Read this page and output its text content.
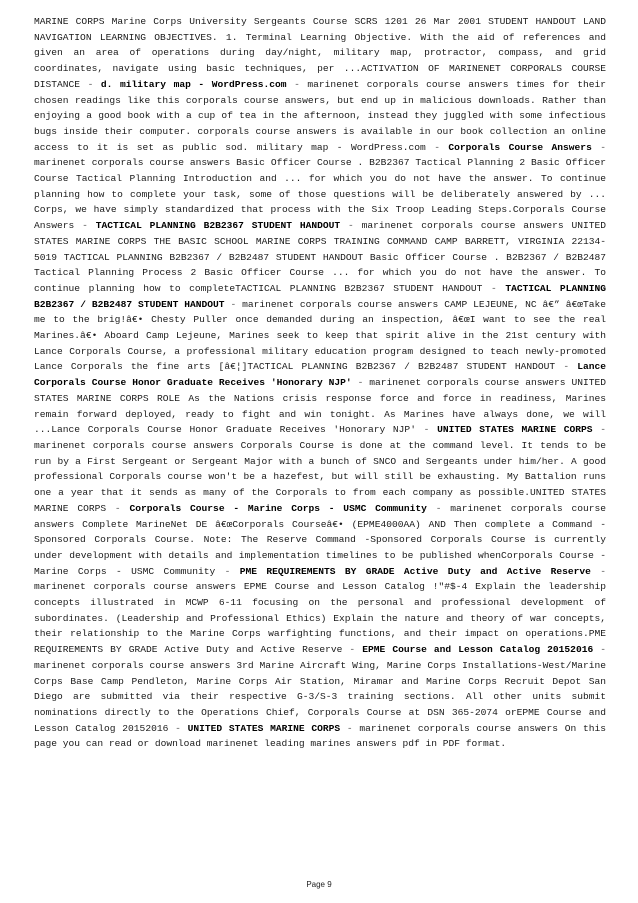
MARINE CORPS Marine Corps University Sergeants Course SCRS 1201 26 Mar 2001 STUDENT HANDOUT LAND NAVIGATION LEARNING OBJECTIVES. 1. Terminal Learning Objective. With the aid of references and given an area of operations during day/night, military map, protractor, compass, and grid coordinates, navigate using basic techniques, per ...ACTIVATION OF MARINENET CORPORALS COURSE DISTANCE - d. military map - WordPress.com - marinenet corporals course answers times for their chosen readings like this corporals course answers, but end up in malicious downloads. Rather than enjoying a good book with a cup of tea in the afternoon, instead they juggled with some infectious bugs inside their computer. corporals course answers is available in our book collection an online access to it is set as public sod. military map - WordPress.com - Corporals Course Answers - marinenet corporals course answers Basic Officer Course . B2B2367 Tactical Planning 2 Basic Officer Course Tactical Planning Introduction and ... for which you do not have the answer. To continue planning how to complete your task, some of those questions will be deliberately answered by ... Corps, we have simply standardized that process with the Six Troop Leading Steps.Corporals Course Answers - TACTICAL PLANNING B2B2367 STUDENT HANDOUT - marinenet corporals course answers UNITED STATES MARINE CORPS THE BASIC SCHOOL MARINE CORPS TRAINING COMMAND CAMP BARRETT, VIRGINIA 22134-5019 TACTICAL PLANNING B2B2367 / B2B2487 STUDENT HANDOUT Basic Officer Course . B2B2367 / B2B2487 Tactical Planning Process 2 Basic Officer Course ... for which you do not have the answer. To continue planning how to completeTACTICAL PLANNING B2B2367 STUDENT HANDOUT - TACTICAL PLANNING B2B2367 / B2B2487 STUDENT HANDOUT - marinenet corporals course answers CAMP LEJEUNE, NC â€” â€œTake me to the brig!â€• Chesty Puller once demanded during an inspection, â€œI want to see the real Marines.â€• Aboard Camp Lejeune, Marines seek to keep that spirit alive in the 21st century with Lance Corporals Course, a professional military education program designed to teach newly-promoted Lance Corporals the fine arts [â€¦]TACTICAL PLANNING B2B2367 / B2B2487 STUDENT HANDOUT - Lance Corporals Course Honor Graduate Receives 'Honorary NJP' - marinenet corporals course answers UNITED STATES MARINE CORPS ROLE As the Nations crisis response force and force in readiness, Marines remain forward deployed, ready to fight and win tonight. As Marines have always done, we will ...Lance Corporals Course Honor Graduate Receives 'Honorary NJP' - UNITED STATES MARINE CORPS - marinenet corporals course answers Corporals Course is done at the command level. It tends to be run by a First Sergeant or Sergeant Major with a bunch of SNCO and Sergeants under him/her. A good professional Corporals course won't be a hazefest, but will still be exhausting. My Battalion runs one a year that it sends as many of the Corporals to from each company as possible.UNITED STATES MARINE CORPS - Corporals Course - Marine Corps - USMC Community - marinenet corporals course answers Complete MarineNet DE â€œCorporals Courseâ€• (EPME4000AA) AND Then complete a Command -Sponsored Corporals Course. Note: The Reserve Command -Sponsored Corporals Course is currently under development with details and implementation timelines to be published whenCorporals Course - Marine Corps - USMC Community - PME REQUIREMENTS BY GRADE Active Duty and Active Reserve - marinenet corporals course answers EPME Course and Lesson Catalog !"#$-4 Explain the leadership concepts illustrated in MCWP 6-11 focusing on the personal and professional development of subordinates. (Leadership and Professional Ethics) Explain the nature and theory of war concepts, their relationship to the Marine Corps warfighting functions, and their impact on operations.PME REQUIREMENTS BY GRADE Active Duty and Active Reserve - EPME Course and Lesson Catalog 20152016 - marinenet corporals course answers 3rd Marine Aircraft Wing, Marine Corps Installations-West/Marine Corps Base Camp Pendleton, Marine Corps Air Station, Miramar and Marine Corps Recruit Depot San Diego are submitted via their respective G-3/S-3 training sections. All other units submit nominations directly to the Operations Chief, Corporals Course at DSN 365-2074 orEPME Course and Lesson Catalog 20152016 - UNITED STATES MARINE CORPS - marinenet corporals course answers On this page you can read or download marinenet leading marines answers pdf in PDF format.
Page 9
